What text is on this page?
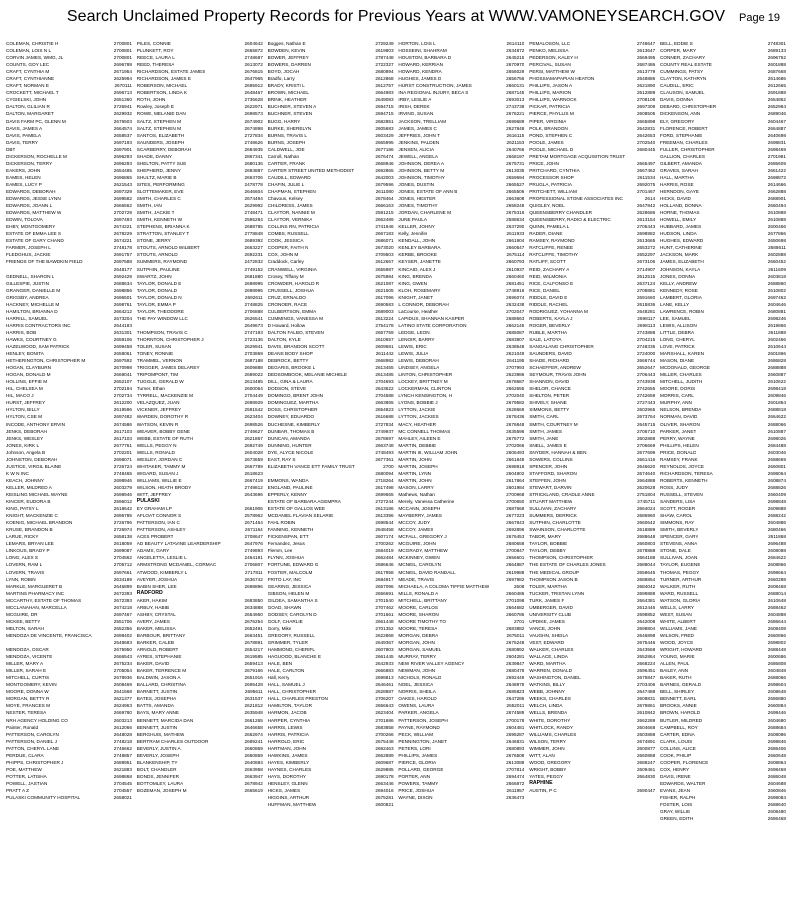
Search Unclaimed Property Records for Previous Years at WWW.VAMONEYSEARCH.GOV	Page 19
COLEMAN, CHRISTIE H	2700801
COLEMAN, LOIS N L	2700801
CORVIN JAMES, WMG, JL	2700801
COUNTS, GOY LEC	2696788
CRAFT, CYNTHIA M	2671954
CRAFT, CYNTHIANNE	2625994
CRAFT, NORMAN E	2670111
CROCKETT, MICHAEL T	2696713
CYGIELSKI, JOHN	2651360
DALTON, GLILIAN R	2726941
DALTON, MARGARET	2629932
DAVIS FARM PC, GLENN M	2676503
DAVIS, JAMES A	2664574
DAVIS, PAMELA	2658537
DAVIS, TERRY	2697193
DBT	2697901
DICKERSON, ROCHELLE M	2696293
DICKERSON, TERRY	2696293
EAKERS, JOHN	2654485
EAMES, HELEN	2696865
EAMES, LUCY P	2621543
EDWARDS, DEBORAH	2697329
EDWARDS, JESSE LYNN	2699582
EDWARDS, JOANN L	2666562
EDWARDS, MATTHEW W	2702729
EDWIN, TOLOVA	2697493
EHBY, MONTGOMERY	2674221
ESTATE OF EMMA LEE S	2678229
ESTATE OF GARY CHAND	2674221
FARMER, JOSEPH L	2748178
FLEDGHUS, JACKIE	2691757
FRIENDS OF THE BAWDKIN FIELD	2697588
2648177
GEDNELL, SHARON L	2692429
GILLESPIE, JUSTIN	2688634
GRANGER, DANIELLE M	2698856
GRIGSBY, ANDREA	2696501
HACKNEY, MICHELLE M	2698761
HAMILTON, BRIANNA D	2664212
HARRILL, SAMUEL	2673204
HARRIS CONTRACTORS INC	2644183
HARRIS, BOB	2631301
HAWKS, COURTNEY G	2659106
HAZELWOOD, SAM PATRICK	2699458
HENLEY, BONITA	2658061
HETHERINGTON, CHRISTOPHER M	2697592
HOGAN, CLAYBURN	2670998
HOGAN, DONALD M	2669041
HOLLINS, EFFIE M	2652107
HIL, CHELSEA M	2702194
HIL, MACO J	2702734
HURST, JEFFREY	2612200
HYLTON, BILLY	2619596
HYLTON, CSE M	2697482
INCODE, ANTHONY ERVIN	2674586
JENKS, DEBORAH	2617103
JENKS, WESLEY	2617103
JONES, KIRK L	2677761
Johnson, Angela B	2702201
JOHNSTON, DEBORAH	2698071
JUSTICE, VIRGIL BLAINE	2726724
K W N INC	2748465
KEACH, JOHNNY	2698946
KELLER, MILDRED A	2603279
KEISLING MICHAEL WAYNE	2698946
KINCER, EUDORA B	2596012
KING, PATSY L	2618642
KNIGHT, MACKENZIE C	2696785
KOENIG, MICHAEL BRANDON	2726796
KRUSE, BRANDON B	2726974
LARUE, RICKY	2658138
LEMARS, BRYAN LEE	2618059
LINKOUS, BRADY P	2699087
LONG, ALEX S	2704562
LOVERN, RAM L	2705712
LOVERN, TRAVIS	2697661
LYNN, ROBIN	2634189
MARKLE, MARGUERET B	2646899
MARTINS PHARMACY INC	2672393
MCCARTHY, ESTATE OF THOMAS	2672393
MCCLANAHAN, MARCELLA	2674218
MCGUIRE, DR	2697467
MCKEE, BETTY	2551706
MELTON, SARAH	2652356
MENDOZA DE VINCENTE, FRANCISCA	2698402
2548683
MENDOZA, OSCAR	2675950
MENDOZA, VICENTE	2666543
MILLER, MARY A	2675234
MILLER, SARAH E	2705054
MITCHELL, CURTIS	2678936
MONTGOMERY, KEVIN	2608469
MOORE, DONNA W	2641568
MORGAN, BETTY R	2621377
MOYE, FRANCES M	2624963
NESTER, TERESA	2669780
NRH AGENCY HOLDING CO	2603213
Painter, Ronald	2612066
PATTERSON, CAROLYN	2648028
PATTERSON, DANIEL J	2748218
PATTON, CHERYL LANE	2746662
PERDUE, CLARA	2748857
PHIPPS, CHRISTOPHER J	2688951
POE, MATTHEW	2621883
POTTER, LATISHA	2698868
POWELL, JASTIAN	2704545
PRATT A Z	2704557
PULASKI COMMUNITY HOSPITAL	2658021
PILES, CONNIE	2604642
PLUNKETT, ROY	2665872
REECE, LAURA L	2748687
REED, THERESA	2613072
RICHARDSON, ESTATE JAMES	2676815
RICHARDSON, JAMES E	2647965
ROBERSON, MICHAEL	2695912
ROBERTSON, LINDA K	2648467
ROTH, JOHN	2736628
Rowley, Joseph E	2622971
ROWE, MELANIE DAN	2698573
SALTZ, STEPHEN M	2674902
SALTZ, STEPHEN M	2674898
SANTOS, ELIZABETH	2727834
SAUNDERS, JOSEPH	2748626
SCARBERRY, DEBORAH	2684935
SHADE, DANNY	2867341
SHELTON, PATTY SUE	2680136
SHEPHERD, JENNY	2683887
SHULTZ, MARIE B	2663706
SITES, PERFORMING	2478778
SLOTTEMAKER, EVE	2646604
SMITH, CHARLES C	2674494
SMITH, IAN	2629992
SMITH, JACKIE T	2748471
SMITH, KENNETH W	2595284
STEPHENS, BRIANNA K	2688785
STRATTON, STANLEY T	2778848
STONE, JERRY	2689392
STOUTS, ARNOLD WILBERT	2663227
STOUTS, ARNOLD	2692231
SUMMERS, RAYMOND	2472832
SUTPHIN, PAULINE	2749152
SWARTZ, JOHN	2681880
TAYLOR, DONALD E	2698995
TAYLOR, DONALD	2698995
TAYLOR, DONALD N	2692611
TAYLOR, EMMA P	2748825
TAYLOR, THEODORE	2706888
THE PAY WINDOW LLC	2626541
2649673
THOMPSON, TRAVIS C	2747193
THORNTON, CHRISTOPHER J	2723136
TOLER, SUSAN	2629941
TONEY, RONNIE	2703869
TRAMMEL, VERNON	2687188
TRIGGER, JAMES DELAREY	2609888
TRIPOMPONT, TIM	2689022
TUGGLE, GERALD W	2613485
Turner, Ethan	2600064
TYRRELL, MACKENZIE M	2704449
VELAZQUEZ, JUAN	2698929
VICKNER, JEFFREY	2591542
WARDEN, DOROTHY R	2623404
WATSON, KEVIN R	2698526
WEAVER, BOBBY GENE	2749627
WEBB, ESTATE OF RUTH	2621867
WELLS, PEGGY N	2692749
WELLS, RONALD	2604028
WESLEY, JORDAN C	2673659
WHITAKER, TAMMY M	2667789
WIGARD, SUSAN J	2618623
WILLIAMS, WILLIE E	2667419
WILSON, HEATH BRODY	2749812
WITT, JEFFREY	2643696
PULASKI
EY GRAHAM LP	2661906
AFLOAT CONNOR S	2578962
PATTERSON, IAN C	2671464
PATTERSON, ASHLEY	2671164
ACES PROBERT	2708647
AD BEAUTY LATAVINE LEARDERSHIP	2647976
ADAMS, GARY	2749893
ANGELETTA, LESLIE L	2464181
ARMSTRONG MCDANIEL, CORMAC	2706807
ATWOOD, KIMBERLY L	2717811
AVEYER, JOSHUA	2636742
BABIN SHER, LEE	2698896
RADFORD
AKER, HAKIM	2683850
ARBUY, HABIB	2634888
ASHBY, CRYSTAL	2654950
AVERY, JAMES	2676254
BAKER, MELISSA	2652491
BARBOUR, BRITTANY	2663451
BARKER, CALEB	2678891
ARNOLD, ROBERT	2654217
AYRES, STEPHANIE	2619585
BAKER, DAVID	2659413
BAKER, TERRENCE M	2679166
BALDWIN, JASON A	2651916
BALLARD, CHRISTINA	2695428
BARNETT, JUSTIN	2695611
BATES, JOSEPHA	2631537
BATTS, AMANDA	2621812
BAYS, MARY ANNE	2635948
BENNETT, MARCIDA DAN	2661265
BENNETT, JUSTIN	2646658
BERGHUIS, MATHEW	2662974
BERTRAM CHARLES OUTDOOR	2689241
BEVERLY, JUSTIN A	2660869
BEVERLY, JOSEPH	2660869
BLANKENSHIP, TY	2640884
BOLT, CHANDLER	2663958
BONDS, JENNIFER	2663947
BOTTOMLEY, LAURA	2678942
BOZEMAN, JOSEPH M	2665619
Bogges, Nathan E	2729249
BOWDEN, KEVIN	2619803
BOWER, JEFFREY	2787448
BOWERS, DARREN	2722327
BOYD, JOCAH	2680894
Bradfo, Larry	2612868
BRADY, KRISTI L	2612757
BROWN, MICHAEL	2664983
BRINK, HEATHER	2649083
BUCHNER, STEVEN A	2694715
BUCHNER, STEVEN	2694715
BUGG, HARRY	2682851
BURKE, SHERELYN	2605683
BURNS, TRAVIS L	2603429
BURNS, JOSEPH	2665995
CALDWELL, JOE	2677186
Carroll, Nathan	2676474
CARTER, FRANK	2668946
CARTER STREET UNITED METHODIST	2692865
CAUDILL, EDWARD	2642003
CHAFIN, JULIE L	2679596
CHAPMAN, STEPHEN	2611080
Chavous, Kelsey	2678464
CHILDRESS, JAMES	2666163
CLAYTOR, NANNIE M	2591215
CLAYTOR, VERNIKA	2662489
COLLINS RN, PATRICIA	2741946
COMBS, RUSSELL	2667183
COOK, JESSICA	2686071
COOPER, FAITH N	2673020
COX, JOHN M	2709503
Craddock, Carley	2612667
CRANWELL, VIRGINIA	2655987
Crosey, Tiffany M	2675984
CROWDER, HAROLD R	2621087
CRUSSELL, JOSHUA	2621505
CRUZ, ERNALDO	2617096
CRONOER, RACE	2690583
CULBERTSON, EMMA	2689003
CUMMINGS, VANESSA M	2613224
D Howard, Hollow	2754178
DALTON FALBO, STEVEN	2657759
DALTON, KYLE	2610657
DAVIS, BRANDON SCOTT	2609581
DEANS BODY SHOP	2611442
DEBROCK, BETTY	2668982
DEGARIS, BROOKE L	2613455
DEDSOMBOOK, MELANIE MICHELE	2613485
DILL, GINA & LAURA	2704693
DODSON, STEVE	2643622
DOMINGO, BRENT JOHN	2704588
DOMINGUEZ, MARTHA	2663865
DOSS, CHRISTOPHER	2654823
DOWNEY, EDUARDO	2616688
DUCHESNE, KIMBERLY	2727834
DUNBAR, THOMAS B	2749937
DUNCAN, AMANDA	2678697
DUNNING, HUNTER	2663748
DYE, ALYCE NICOLE	2748493
EAST, RAY S	2677361
ELIZABETH VANCE ETT FAMILY TRUST	2700
2680094
EMMONS, WANDA	2718264
ENGLAND, PAULINE	2617498
EPPERLY, KENNY	2699665
ESTATE OF BARBARA AGEMPRA	2727244
ESTATE OF GALLOS WEE	2613186
MCDANIEL FLAVIAN SELARIE	2613396
FAHL ROBIN	2698544
FANNING, KENNETH	2648458
FICKENSPAN, ETT	2607174
Fernandez, Jesus	2700262
Flemm, Lee	2684019
FLYNN, JOSHUA	2662484
FORTUNE, EDWARD G	2686646
FOSTER, MALCOLM	2617958
FRITO LAY, INC	2684917
GEARING, JESSICA	2657096
GIBSON, HELEN M	2656691
GILDEA, SAMANTHA S	2701540
GOAD, SHAWN	2707462
GODSEY, CAROLYN D	2701661
GOLF, CHARLIE	2661448
Gorry, Mike	2701352
GREGORY, RUSSELL	2622868
GRIMMER, TYLER	2649367
HAMMOND, CHERIFL	2607803
HAGUOOD, BLANCHE E	2661445
HALE, BEN	2642933
HALE, CARLTON	2666883
Hall, Kerry	2698813
HALL, SAMUEL J	2646461
HALL, CHRISTOPHER	2628887
HALL, CHARLES PRESTON	2706207
HAMILTON, TAYLOR	2656643
HARMON, JACOB	2623404
HARPER, CYNTHIA	2701686
HARRIS, LEWIS	2683858
HARRIS, PATRICIA	2700266
HARROLD, ERIC	2675448
HARTMAN, JOHN	2692463
HAWKINS, JAMES	2662889
HAYES, KIMBERLY	2609687
HAYNES, CHARLES	2629885
HAYS, DOROTHY	2690178
HENSLEY, GLENN	2663446
HICKS, JAMES	2694016
HIGGINS, ARTHUR	2675281
HUFFMAN, MATTHEW	2600821
HORTON, LOIS L	2614110
HOSSEINI, SHAHRAM	2634872
HOUSTON, BARBARA D	2645215
HOWARD, KERRIAN	2670970
HOWARD, KENDRA	2656029
HUGHES, JAMES D	2656756
HURST CONSTRUCTION, JAMES	2660131
INA REGIONAL INJURY, BECA S	2687145
IRBY, LESLIE A	2693013
IRISH, DEREK	2743738
IRVING, SUSAN	2676221
JACKSON, TRELLIAM	2699689
JAMES, JAMES C	2627848
JEFFRIES, JOHN T	2616115
JENKINS, PALDEN	2621153
JENSEN, ALICIA	2640766
JEWELL, ANGELA	2668197
JOHNSON, DEREA A	2675731
JOHNSON, BETTY M	2613035
JOHNSON, TIMOTHY	2659694
JONES, DUSTIN	2665527
JONES, ESTATE OF ANN B	2665506
JONES, HESTER	2663608
JONES, TIMOTHY	2658248
JORDAN, CHARLENE M	2675316
JUNE PAULA	2588634
KELLER, JOHNY	2637290
Kelly, Jennifer	2611933
KENDALL, JOHN	2661904
KENLEY BARBARA	2660547
KERBE, BROOKE	2675114
KEYSER, JANETTE	2660793
KINCAID, ALEX J	2610937
KING, BRENDA	2660460
KING, GWEN	2681451
KLOH, ROSEMARY	2748916
KNIGHT, JANET	2696074
L CONNOR, DEBORAH	2632438
LaCourse, Heather	2702047
LAPIDUS, SHANNAN KASPER	2688663
LATINO STATE CORPORATION	2662145
LEDGE, LEON	2685087
LENOIR, BARRY	2683907
LEWIS, ERIC	2638648
LEWIS, JULIA	2621049
LEWIS, DEBORAH	2641195
LINDSEY, ANGELA	2707993
LINTON, CHRISTOPHER	2623986
LOCKEY, BRITTNEY M	2678687
LOCKERMAN, CLINTON	2662655
LYNCH KENSINGTON, H	2702040
LYONS, BOBBIE J	2679582
LYTTON, JACKIE	2628669
LYTTON, JACKIES	2678436
MACY, HEATHER	2676848
MC CONNELL THOMAS	2635596
MAHLEY, AILEEN E	2676772
MARTIN, DEBBIE	2702066
MARTIN III, WILLIAM JOHN	2606493
MARTIN, JOHN	2661848
MARTIN, JOSEPH	2698918
MARTIN, LYNN	2604802
MARTIN, JOHN	2617864
MASON, LARRY	2601984
Mathews, Nathan	2700968
Merely, Vanessa Catherine	2700650
MCCANN, JOSEPH	2687668
MAYBERRY, JAMES	2677223
MCCOY, JUDY	2667843
MCCOY, JAMES	2692896
MCFALL, GREGORY J	2676453
MCGUIRE, JOHN	2680658
MCGRADY, MATTHEW	2700847
MCKINNEY, GWEN	2656601
MCNEIL, CAROLYN	2664887
MCNEIL, DAVID RANDALL	2619988
MEADE, TRAVIS	2697982
MICHAELA, A COLOMA TIFFIE MATTHEW	2608
MILLS, RONALD A	2660486
MITCHELL, BRITTANY	2701098
MOORE, CARLOS	2664682
MOORE, SHARON	2660786
MOORE TIMOTHY TO	2701
MOORE, TERESA	2683882
MORGAN, DEBRA	2675011
MORGAN, JOHN	2675248
MORGAN, SAMUEL	2680892
MURRAY, TERRY	2604281
NEW RIVER VALLEY AGENCY	2639847
NEWMAN, JOHN	2680478
NICHOLS, RONALD	2692449
NOEL, JESSICA	2648978
NORRIS, SHEILA	2685823
OAKES, HAROLD	2647286
OWENS, LAURA	2652011
PARKER, ANGELA	2674589
PATTERSON, JOSEPH	2700178
PAYNE, RAYMOND	2604481
PECK, WILLIAM	2695287
PENNINGTON, JANET	2646831
PETERS, LORI	2680893
PHILLIPS, JAMES	2676508
PIERCE, GLORIA	2613088
POLLARD, GEORGE	2707814
PORTER, ANN	2694474
POWERS, TAMMY	2666872
PRICE, JOSHUA	2611957
WAYNE, DIXON	2636473
PEMALOSON, LLC	2748647
PENKO, MELISSA	2613647
PEDERSON, KALEY H	2669495
PERCIVAL, SUSAN	2687486
PERSI, MATTHEW W	2613779
PHOSSIAMAPAPIAN HEATON	2648886
PHILLIPS, JASON A	2621890
PHILLIPS, MARION	2612889
PHILLIPS, WARNOCK	2708108
PICKAR, PATRICIA	2697309
PIERCE, PHYLLIS M	2608505
PIPER, VIRGINIA	2665898
POLK, BRANDON	2642831
POND, STEPHEN C	2642653
POOLE, JAMES	2702540
POOLE, MICHAEL D	2680445
PRETAM MORTGAGE ACQUISITION TRUST
PRICE, JOHN	2665497
PRITCHARD, CYNTHIA	2667462
PROCESSOR SHOP	2611534
PRUGLA, PATRICIA	2692075
PRITCHETT, WILLIAM	2701467
PROFESSIONAL STONE ASSOCIATES INC	2614
QUIGLEY, NOEL	2647842
QUEENSBERRY CHANDLER	2628686
QUEENSBERRY, RADIO & ELECTRIC	2613154
QUINN, PAMELA L	2705443
RADER, DIANE	2698982
RAMSEY, RAYMOND	2613665
RATCLIFFE, RENEE	2653272
RATCLIFFE, TIMOTHY	2652297
RATLIFF, SCOTT	2673106
REID, ZACHARY A	2714907
REID, WILMONIA	2612515
RICE, CALFONSO E	2637124
RICE, DANIEL	2708881
RIDDLE, DAVID E	2691660
RIDDLE, RACHEL	2615836
RODRIGUEZ, YOHANNA M	2648281
ROBERTS, KAYLA J	2598117
ROGER, BEVERLY	2698113
RUBLE, MARTHA	2743888
SALE, LATOYA	2704215
SANGALANG CHRISTOPHER	2748335
SAUNDERS, DAVID	2724000
SHADE, RICHARD	2666744
SCHAEFFER, ANDREW	2652647
SEYMOUR, TRAVIS JOHN	2706443
SHANNON, DAVID	2743938
SHELOR, CHANCE	2742655
SHELTON, PETER	2742659
SHIVELY, SHANE	2727443
SIMMONS, BETTY	2602965
SMITH, CARL	2673764
SMITH, COURTNEY M	2645715
SMITH, JAMES	2706710
SMITH, JANE	2602888
SNELL, JAMES E	2706669
SNYDER, HANNAH & BEN	2677699
SOWERS, COLLINS	2661416
SPENCER, JOHN	2646620
STAFFORD, SHARON	2674640
STEFFEN, JOHN	2664888
STEWART, DARVIN	2620628
STRICKLAND, CRADLE ANNE	2751804
STUART MATTHEW	2745711
SULLIVAN, ZACHARY	2664024
SUMMERS, DERRICK	2686960
SUTPHIN, CHARLOTTE	2660642
SWAINSON, CHARLOTTE	2618889
TABOR, MARY	2688648
TAYLOR, BOBBIE	2660803
TAYLOR, DEBBY	2678888
THOMPSON, CHRISTOPHER	2664188
THE ESTATE OF CHARLES JONES	2688044
THE MEDICAL GROUP	2658645
THOMPSON JASON B	2688854
TOLER, MARTHA	2684042
TUCKER, TRISTAN LYNN	2699888
TURK, JAMES F	2664381
UMBERGER, DAVID	2612446
UNIVERSITY CLUB	2698852
UPDIKE, JAMES	2642008
VANCE, JOHN	2698804
VAUGHN, SHEILA	2646898
VEST, EDWARD	2675446
WALKER, CHARLES	2643568
WALLACE, LINDA	2652864
WARD, MARTHA	2668224
WARREN, DONALD	2696451
WASHINGTON, DANIEL	2675847
WATKINS, BILLY	2703406
WEBB, JOHNNY	2647488
WEEKS, CHARLES	2608831
WELCH, LINDA	2679861
WELLS, BRENDA	2610842
WHITE, DOROTHY	2662289
WHITLOCK, RANDY	2604668
WILLIAMS, CHARLES	2603888
WILSON, TERRY	2674891
WIMMER, JOHN	2600877
WITT, ALAN	2660888
WOOD, GREGORY	2688247
WRIGHT, BOBBY	2609461
YATES, PEGGY	2664830
RAPHINE
AUSTIN, P C	2690447
BELL, EDDIE S	2748301
CORPER, MARY	2689133
CONNER, ZACHARY	2696752
COUNTY REAL ESTATE	2601888
CUMMINGS, PATSY	2687668
CLAYTON, KATHRYN	2614686
CAUDILL, ERIC	2612665
CLAUSON, SAMUEL	2691888
DAVIS, DONNA	2654862
DEBARD, CHRISTOPHER	2652984
DICKENSON, ANN	2689046
ELY, GREGORY	2604467
FLORENCE, ROBERT	2664887
FORD, STEPHANIE	2640698
FREEMAN, CHARLES	2698831
FULLER, CHRISTOPHER	2698469
GALLION, CHARLES	2701981
GILBERT, AMANDA	2686609
GRAVES, SARAH	2661422
HALL, MARTHA	2698872
HARRIS, ROSE	2614666
HERNDON, GAYE	2662888
HICKS, DAVID	2688901
HOLLAND, DONNA	2660494
HORNE, THOMAS	2610888
HOWELL, EMILY	2610888
HUBBARD, JAMES	2600466
HUDSON, LINDA	2677866
HUGHES, EDWARD	2650698
HUNT, CATHERINE	2688611
JACKSON, MARK	2602888
JAMES, ELIZABETH	2660452
JOHNSON, KAYLA	2611609
JONES, DONNA	2603818
KELLY, ANDREW	2688860
KENNEDY, ROSE	2610802
LAMBERT, GLORIA	2697462
LANE, KELLY	2604646
LAWRENCE, ROBIN	2680881
LEE, SAMUEL	2698246
LEWIS, ALLISON	2619866
LITTLE, DEBRA	2611888
LONG, CHERYL	2602466
LOVE, PATRICK	2610644
MARSHALL, KAREN	2601866
MASON, DIANE	2686828
MCDONALD, GEORGE	2688888
MILLER, CHARLES	2660887
MITCHELL, JUDITH	2610622
MOORE, DORIS	2698418
MORRIS, CARL	2609846
MURPHY, ANN	2601864
NELSON, BRENDA	2688818
NORMAN, DAVID	2664622
OLIVER, SHARON	2688066
PARKER, JANET	2610887
PERRY, WAYNE	2698026
PHILLIPS, HELEN	2684488
PRICE, DONALD	2603046
RAMSEY, FRANK	2688669
REYNOLDS, JOYCE	2660801
RICHARDSON, TERESA	2698064
ROBERTS, KENNETH	2608874
ROSS, JUDY	2688826
RUSSELL, STEVEN	2660409
SANDERS, LISA	2698848
SCOTT, ROGER	2609888
SHAW, CAROL	2688242
SIMMONS, RAY	2604886
SMITH, BEVERLY	2680466
SPENCER, GARY	2611868
STEVENS, ANNA	2696488
STONE, DALE	2608088
SULLIVAN, JOAN	2684622
TAYLOR, EUGENE	2608866
THOMAS, PEGGY	2698664
TURNER, ARTHUR	2660288
WALKER, RUTH	2608468
WARD, RUSSELL	2688014
WATSON, GLORIA	2610648
WELLS, LARRY	2688462
WEST, SUSAN	2604888
WHITE, ALBERT	2686644
WILLIAMS, JANE	2608408
WILSON, FRED	2660866
WOOD, JOYCE	2698802
WRIGHT, HOWARD	2688448
YOUNG, MARIE	2600686
ALLEN, PAUL	2686808
BAILEY, ANN	2604848
BAKER, RUTH	2688066
BARNES, GERALD	2698604
BELL, SHIRLEY	2608648
BENNETT, EARL	2686880
BROOKS, ANNIE	2660884
BROWN, HAROLD	2698446
BUTLER, MILDRED	2604680
CAMPBELL, ROY	2688684
CARTER, EDNA	2608086
CLARK, LOUIS	2698846
COLLINS, ALICE	2686406
COOK, PHILIP	2660648
COOPER, FLORENCE	2608864
COX, HENRY	2698468
DAVIS, IRENE	2686048
EDWARDS, WALTER	2604688
EVANS, JEAN	2660846
FISHER, RALPH	2698084
FOSTER, LOIS	2688640
GRAY, WILLIE	2608480
GREEN, EDITH	2686468
